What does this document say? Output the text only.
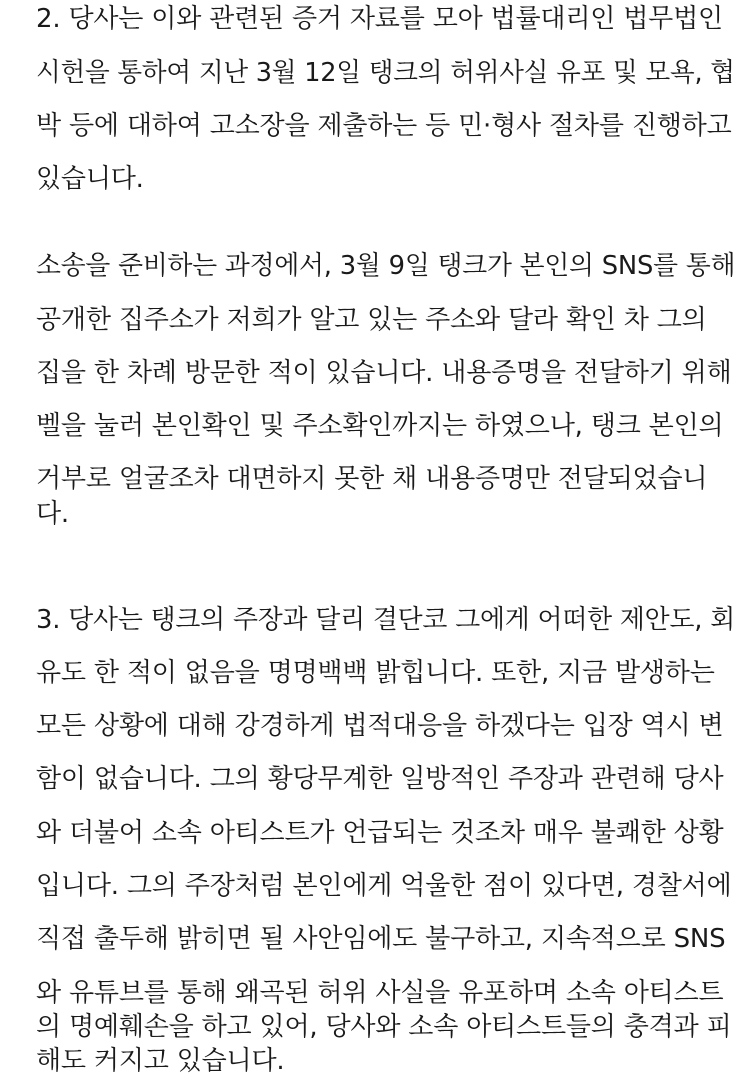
2. 당사는 이와 관련된 증거 자료를 모아 법률대리인 법무법인
시헌을 통하여 지난 3월 12일 탱크의 허위사실 유포 및 모욕, 협
박 등에 대하여 고소장을 제출하는 등 민·형사 절차를 진행하고
있습니다.
소송을 준비하는 과정에서, 3월 9일 탱크가 본인의 SNS를 통해
공개한 집주소가 저희가 알고 있는 주소와 달라 확인 차 그의
집을 한 차례 방문한 적이 있습니다. 내용증명을 전달하기 위해
벨을 눌러 본인확인 및 주소확인까지는 하였으나, 탱크 본인의
거부로 얼굴조차 대면하지 못한 채 내용증명만 전달되었습니
다.
3. 당사는 탱크의 주장과 달리 결단코 그에게 어떠한 제안도, 회
유도 한 적이 없음을 명명백백 밝힙니다. 또한, 지금 발생하는
모든 상황에 대해 강경하게 법적대응을 하겠다는 입장 역시 변
함이 없습니다. 그의 황당무계한 일방적인 주장과 관련해 당사
와 더불어 소속 아티스트가 언급되는 것조차 매우 불쾌한 상황
입니다. 그의 주장처럼 본인에게 억울한 점이 있다면, 경찰서에
직접 출두해 밝히면 될 사안임에도 불구하고, 지속적으로 SNS
와 유튜브를 통해 왜곡된 허위 사실을 유포하며 소속 아티스트
의 명예훼손을 하고 있어, 당사와 소속 아티스트들의 충격과 피
해도 커지고 있습니다.
